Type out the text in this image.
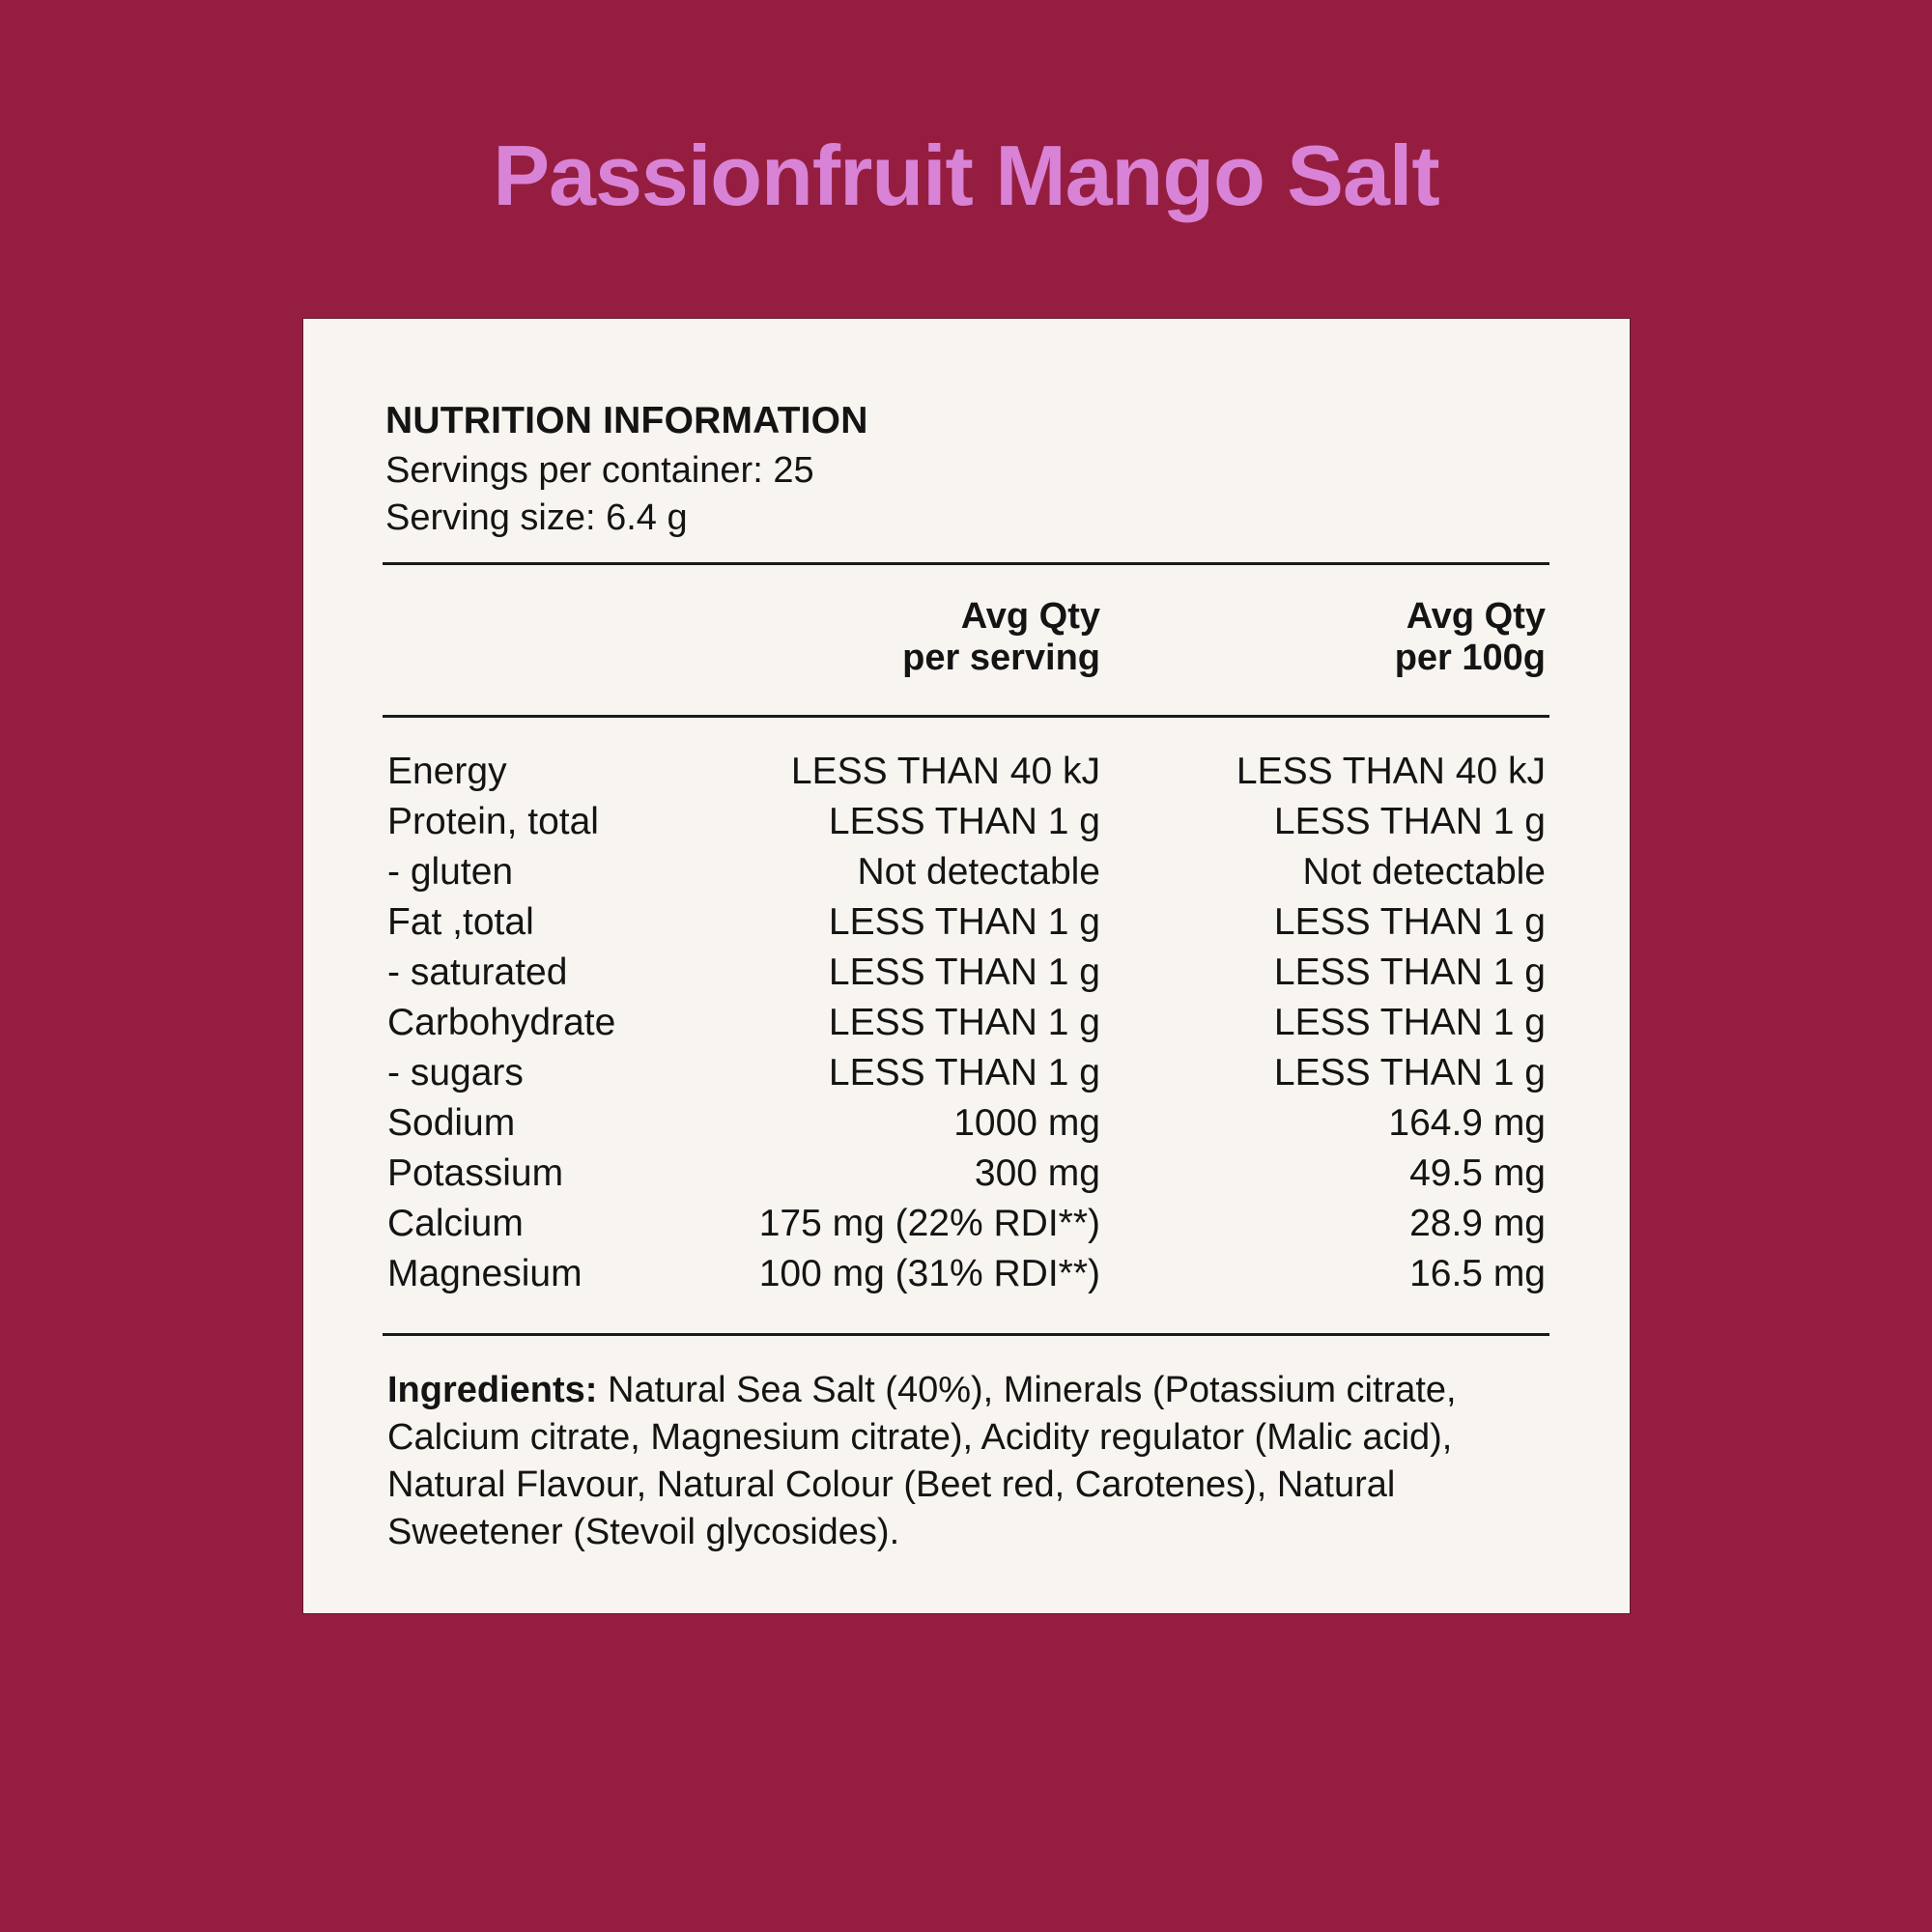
Passionfruit Mango Salt
NUTRITION INFORMATION
Servings per container: 25
Serving size: 6.4 g
Avg Qty
per serving
Avg Qty
per 100g
Energy	LESS THAN 40 kJ	LESS THAN 40 kJ
Protein, total	LESS THAN 1 g	LESS THAN 1 g
- gluten	Not detectable	Not detectable
Fat ,total	LESS THAN 1 g	LESS THAN 1 g
- saturated	LESS THAN 1 g	LESS THAN 1 g
Carbohydrate	LESS THAN 1 g	LESS THAN 1 g
- sugars	LESS THAN 1 g	LESS THAN 1 g
Sodium	1000 mg	164.9 mg
Potassium	300 mg	49.5 mg
Calcium	175 mg (22% RDI**)	28.9 mg
Magnesium	100 mg (31% RDI**)	16.5 mg
Ingredients: Natural Sea Salt (40%), Minerals (Potassium citrate, Calcium citrate, Magnesium citrate), Acidity regulator (Malic acid), Natural Flavour, Natural Colour (Beet red, Carotenes), Natural Sweetener (Stevoil glycosides).
